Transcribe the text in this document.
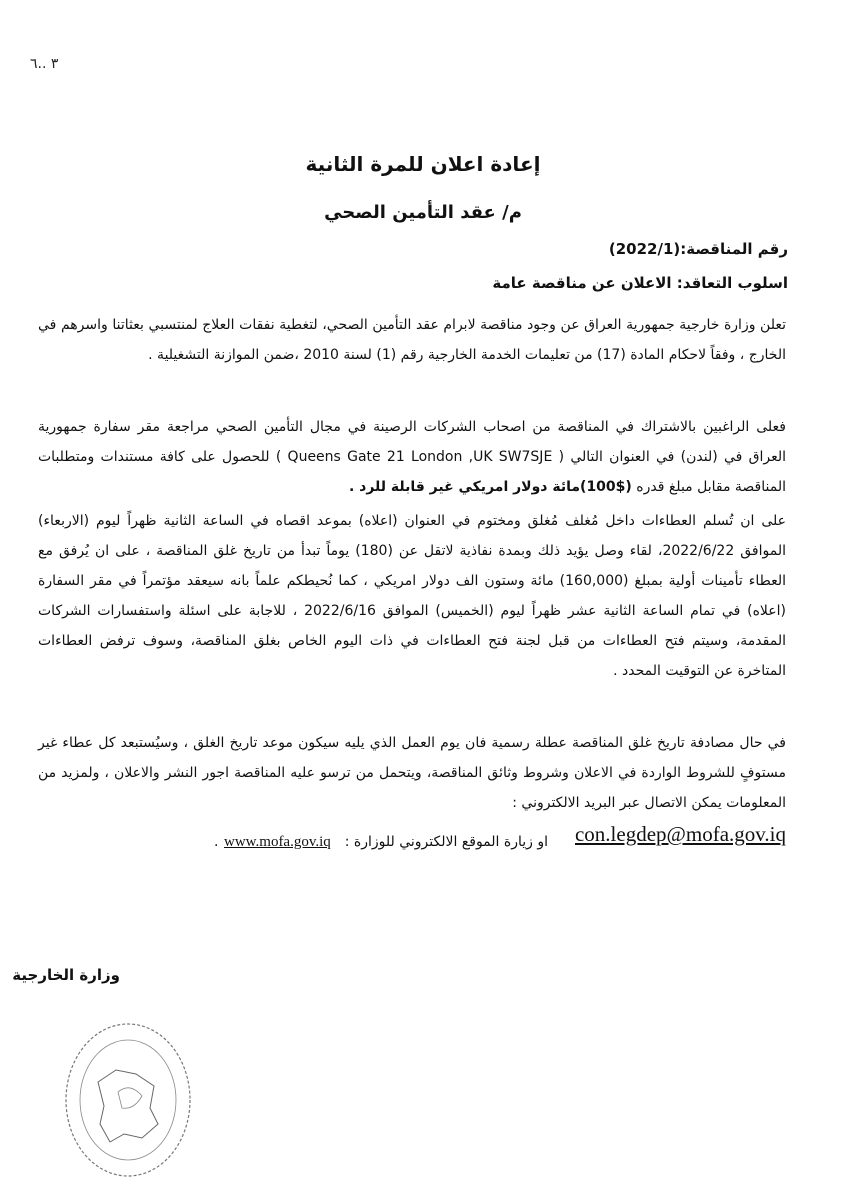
٣ ..٦
إعادة اعلان للمرة الثانية
م/ عقد التأمين الصحي
رقم المناقصة:(2022/1)
اسلوب التعاقد: الاعلان عن مناقصة عامة
تعلن وزارة خارجية جمهورية العراق عن وجود مناقصة لابرام عقد التأمين الصحي، لتغطية نفقات العلاج لمنتسبي بعثاتنا واسرهم في الخارج ، وفقاً لاحكام المادة (17) من تعليمات الخدمة الخارجية رقم (1) لسنة 2010 ،ضمن الموازنة التشغيلية .
فعلى الراغبين بالاشتراك في المناقصة من اصحاب الشركات الرصينة في مجال التأمين الصحي مراجعة مقر سفارة جمهورية العراق في (لندن) في العنوان التالي ( Queens Gate 21 London ,UK SW7SJE ) للحصول على كافة مستندات ومتطلبات المناقصة مقابل مبلغ قدره ($100)مائة دولار امريكي غير قابلة للرد .
على ان تُسلم العطاءات داخل مُغلف مُغلق ومختوم في العنوان (اعلاه) بموعد اقصاه في الساعة الثانية ظهراً ليوم (الاربعاء) الموافق 2022/6/22، لقاء وصل يؤيد ذلك وبمدة نفاذية لاتقل عن (180) يوماً تبدأ من تاريخ غلق المناقصة ، على ان يُرفق مع العطاء تأمينات أولية بمبلغ (160,000) مائة وستون الف دولار امريكي ، كما نُحيطكم علماً بانه سيعقد مؤتمراً في مقر السفارة (اعلاه) في تمام الساعة الثانية عشر ظهراً ليوم (الخميس) الموافق 2022/6/16 ، للاجابة على اسئلة واستفسارات الشركات المقدمة، وسيتم فتح العطاءات من قبل لجنة فتح العطاءات في ذات اليوم الخاص بغلق المناقصة، وسوف ترفض العطاءات المتاخرة عن التوقيت المحدد .
في حال مصادفة تاريخ غلق المناقصة عطلة رسمية فان يوم العمل الذي يليه سيكون موعد تاريخ الغلق ، وسيُستبعد كل عطاء غير مستوفٍ للشروط الواردة في الاعلان وشروط وثائق المناقصة، ويتحمل من ترسو عليه المناقصة اجور النشر والاعلان ، ولمزيد من المعلومات يمكن الاتصال عبر البريد الالكتروني :
con.legdep@mofa.gov.iq
او زيارة الموقع الالكتروني للوزارة :
www.mofa.gov.iq
.
وزارة الخارجية
